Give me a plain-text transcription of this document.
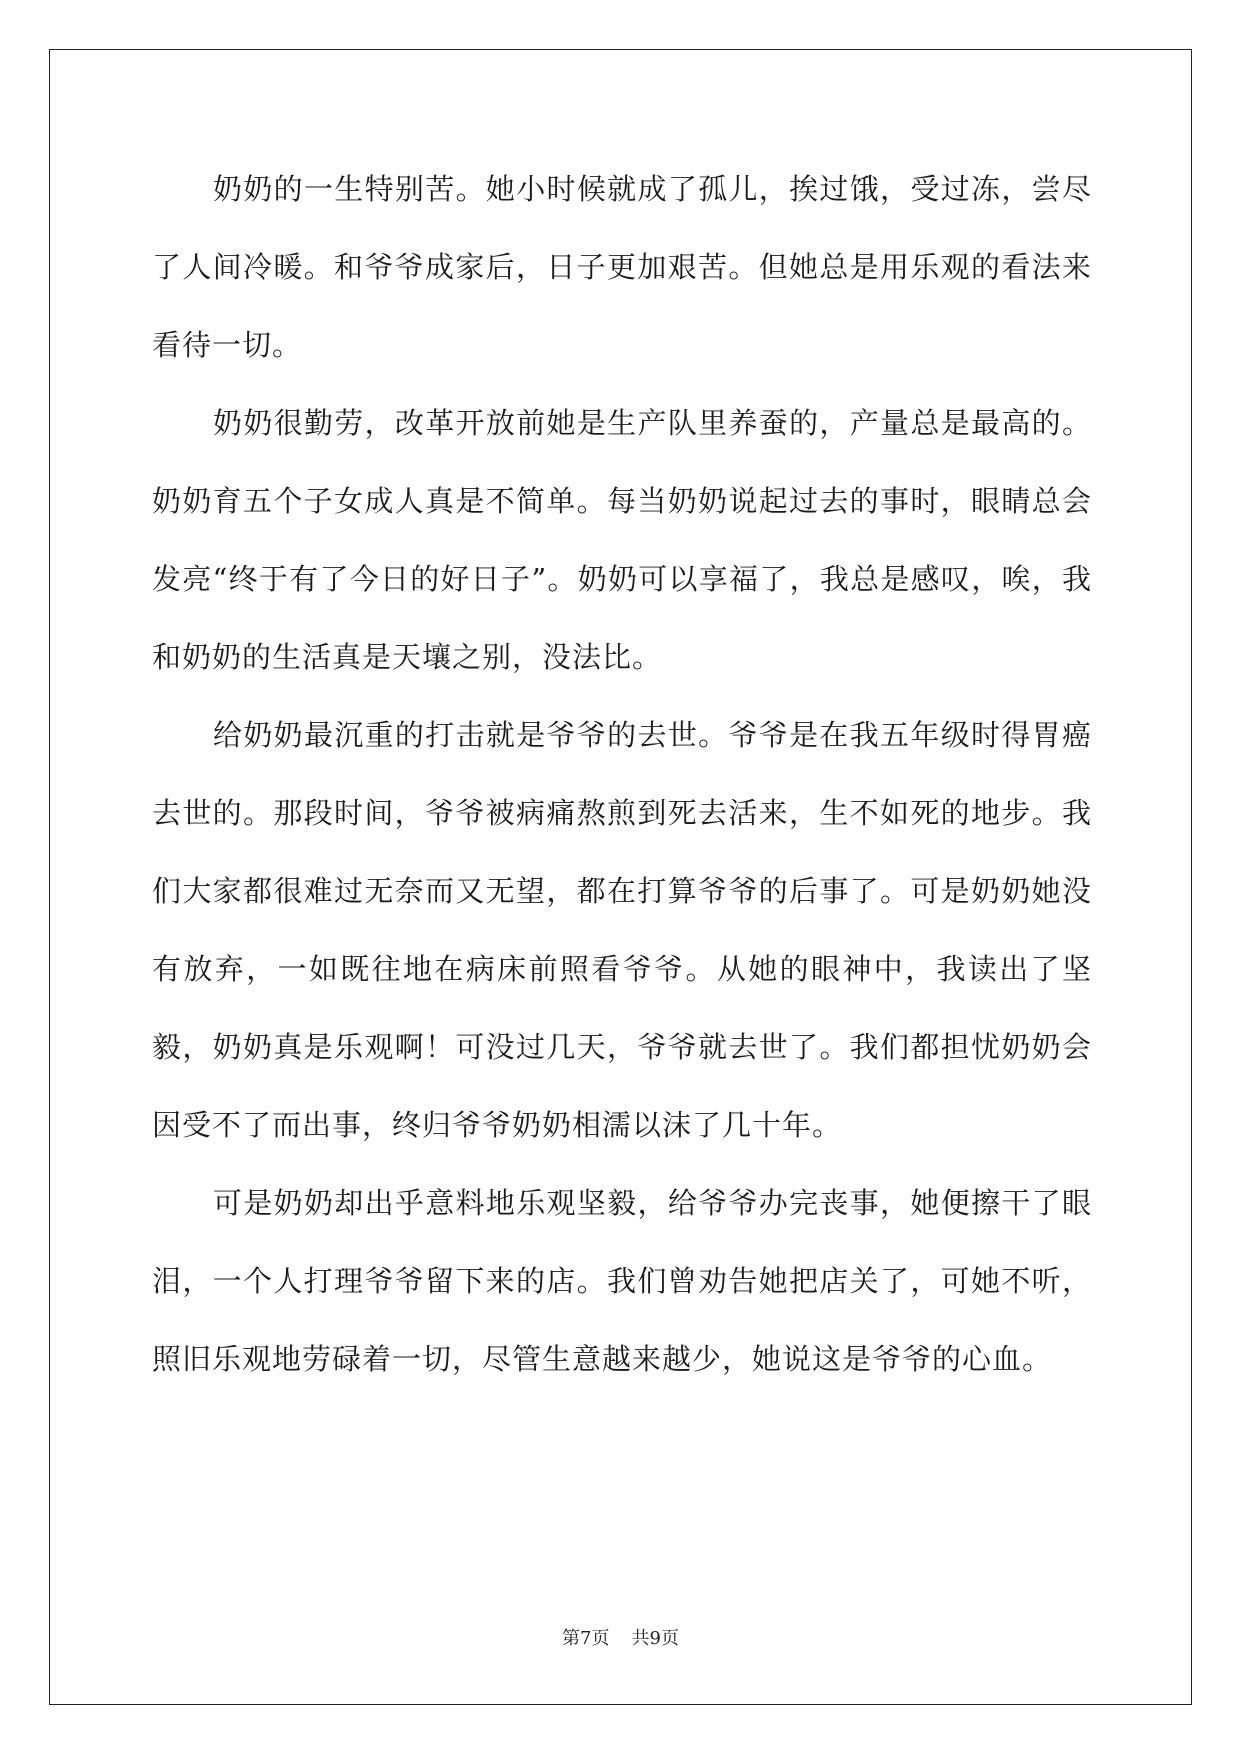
奶奶的一生特别苦。她小时候就成了孤儿，挨过饿，受过冻，尝尽了人间冷暖。和爷爷成家后，日子更加艰苦。但她总是用乐观的看法来看待一切。

奶奶很勤劳，改革开放前她是生产队里养蚕的，产量总是最高的。奶奶育五个子女成人真是不简单。每当奶奶说起过去的事时，眼睛总会发亮“终于有了今日的好日子”。奶奶可以享福了，我总是感叹，唉，我和奶奶的生活真是天壤之别，没法比。

给奶奶最沉重的打击就是爷爷的去世。爷爷是在我五年级时得胃癌去世的。那段时间，爷爷被病痛熬煎到死去活来，生不如死的地步。我们大家都很难过无奈而又无望，都在打算爷爷的后事了。可是奶奶她没有放弃，一如既往地在病床前照看爷爷。从她的眼神中，我读出了坚毅，奶奶真是乐观啊！可没过几天，爷爷就去世了。我们都担忧奶奶会因受不了而出事，终归爷爷奶奶相濡以沫了几十年。

可是奶奶却出乎意料地乐观坚毅，给爷爷办完丧事，她便擦干了眼泪，一个人打理爷爷留下来的店。我们曾劝告她把店关了，可她不听，照旧乐观地劳碌着一切，尽管生意越来越少，她说这是爷爷的心血。

第7页 共9页
